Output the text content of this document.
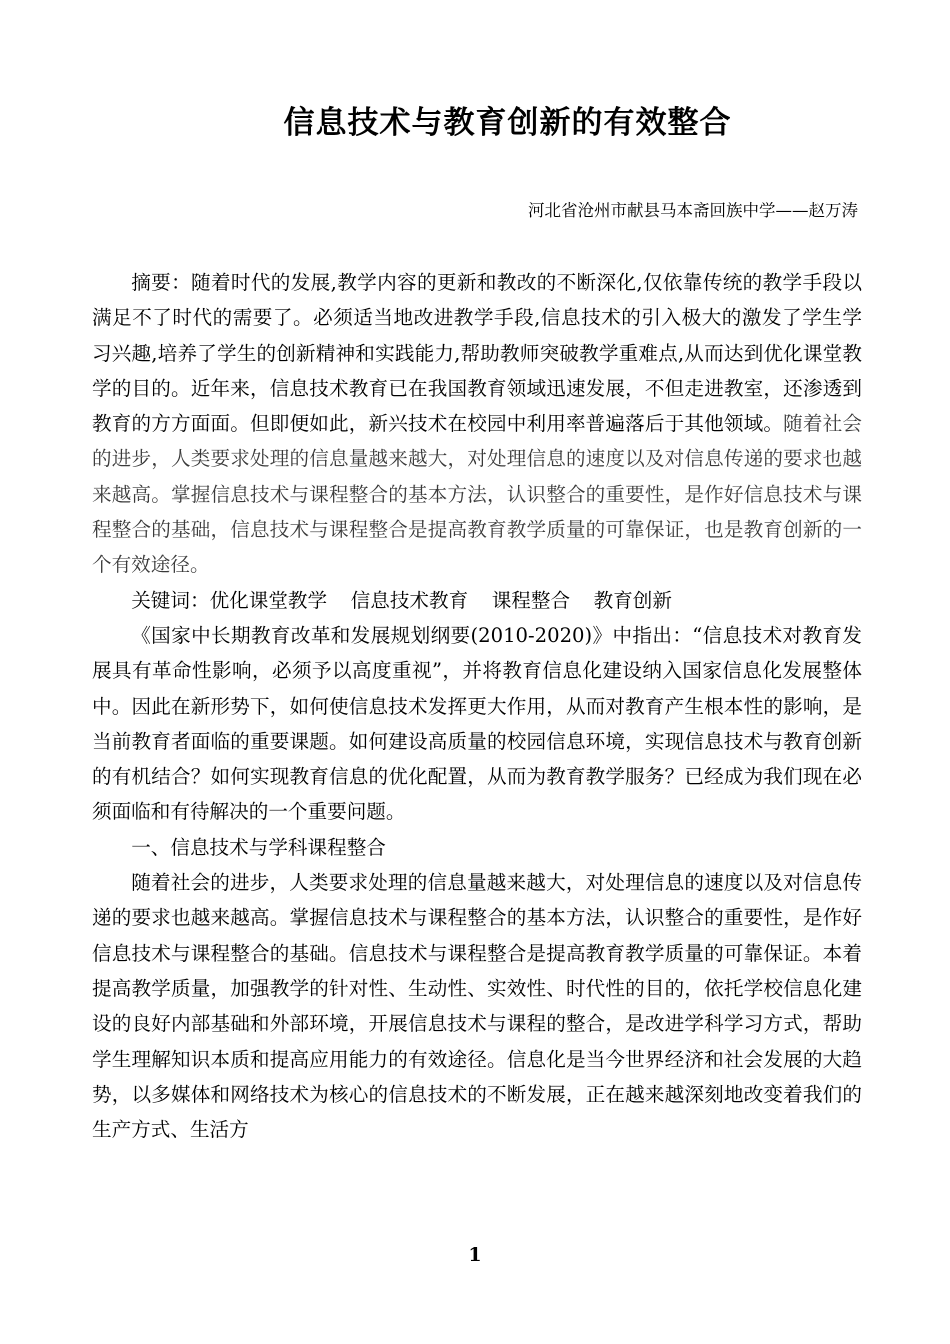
信息技术与教育创新的有效整合
河北省沧州市献县马本斋回族中学——赵万涛

摘要：随着时代的发展,教学内容的更新和教改的不断深化,仅依靠传统的教学手段以满足不了时代的需要了。必须适当地改进教学手段,信息技术的引入极大的激发了学生学习兴趣,培养了学生的创新精神和实践能力,帮助教师突破教学重难点,从而达到优化课堂教学的目的。近年来，信息技术教育已在我国教育领域迅速发展，不但走进教室，还渗透到教育的方方面面。但即便如此，新兴技术在校园中利用率普遍落后于其他领域。随着社会的进步，人类要求处理的信息量越来越大，对处理信息的速度以及对信息传递的要求也越来越高。掌握信息技术与课程整合的基本方法，认识整合的重要性，是作好信息技术与课程整合的基础，信息技术与课程整合是提高教育教学质量的可靠保证，也是教育创新的一个有效途径。

关键词：优化课堂教学 信息技术教育 课程整合 教育创新

《国家中长期教育改革和发展规划纲要(2010-2020)》中指出：“信息技术对教育发展具有革命性影响，必须予以高度重视”，并将教育信息化建设纳入国家信息化发展整体中。因此在新形势下，如何使信息技术发挥更大作用，从而对教育产生根本性的影响，是当前教育者面临的重要课题。如何建设高质量的校园信息环境，实现信息技术与教育创新的有机结合？如何实现教育信息的优化配置，从而为教育教学服务？已经成为我们现在必须面临和有待解决的一个重要问题。

一、信息技术与学科课程整合

随着社会的进步，人类要求处理的信息量越来越大，对处理信息的速度以及对信息传递的要求也越来越高。掌握信息技术与课程整合的基本方法，认识整合的重要性，是作好信息技术与课程整合的基础。信息技术与课程整合是提高教育教学质量的可靠保证。本着提高教学质量，加强教学的针对性、生动性、实效性、时代性的目的，依托学校信息化建设的良好内部基础和外部环境，开展信息技术与课程的整合，是改进学科学习方式，帮助学生理解知识本质和提高应用能力的有效途径。信息化是当今世界经济和社会发展的大趋势，以多媒体和网络技术为核心的信息技术的不断发展，正在越来越深刻地改变着我们的生产方式、生活方

1
